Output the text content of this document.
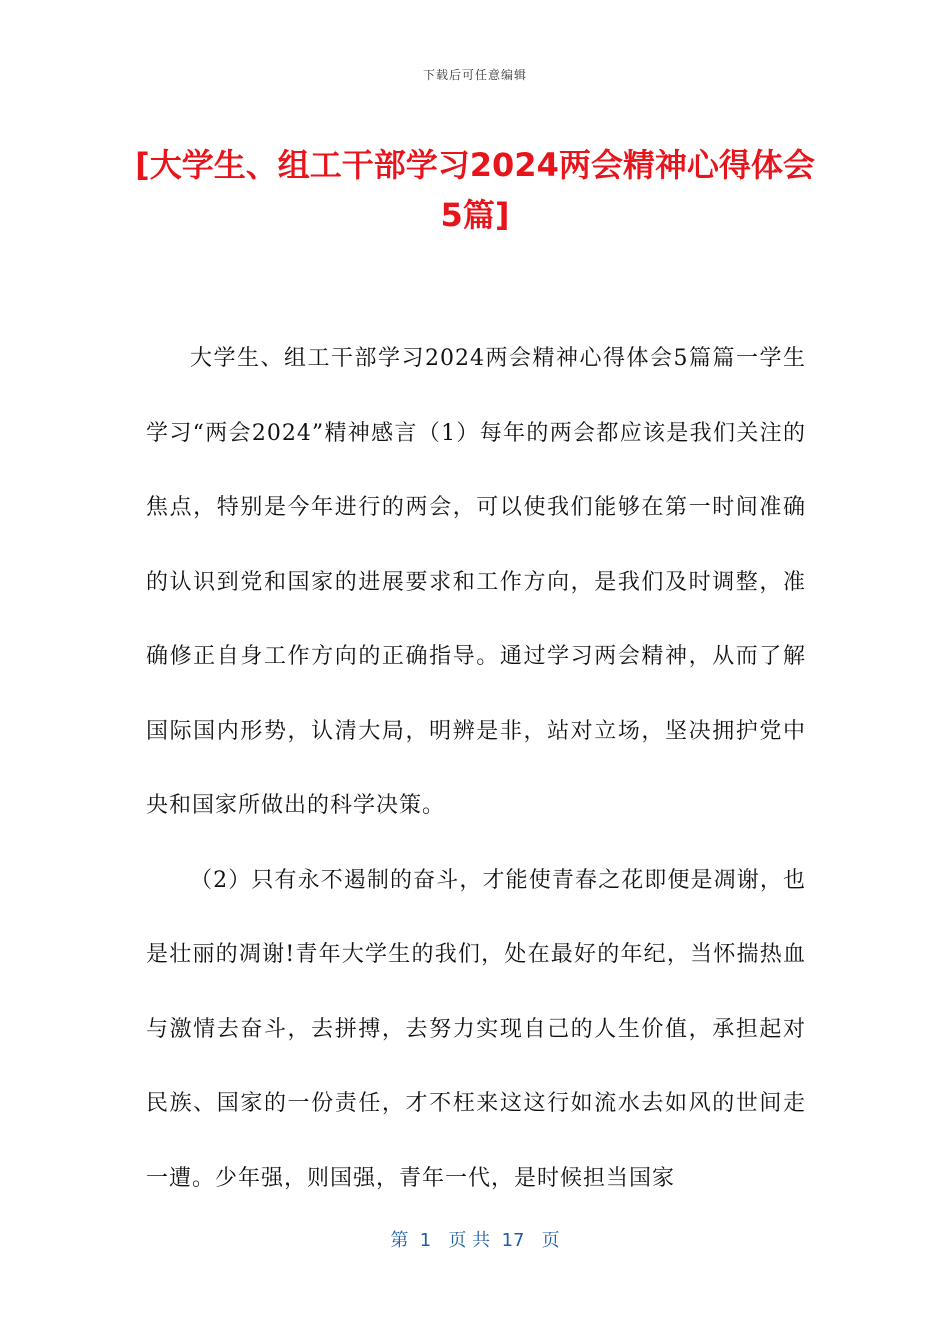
下载后可任意编辑
[大学生、组工干部学习2024两会精神心得体会5篇]

大学生、组工干部学习2024两会精神心得体会5篇篇一学生学习“两会2024”精神感言（1）每年的两会都应该是我们关注的焦点，特别是今年进行的两会，可以使我们能够在第一时间准确的认识到党和国家的进展要求和工作方向，是我们及时调整，准确修正自身工作方向的正确指导。通过学习两会精神，从而了解国际国内形势，认清大局，明辨是非，站对立场，坚决拥护党中央和国家所做出的科学决策。

（2）只有永不遏制的奋斗，才能使青春之花即便是凋谢，也是壮丽的凋谢!青年大学生的我们，处在最好的年纪，当怀揣热血与激情去奋斗，去拼搏，去努力实现自己的人生价值，承担起对民族、国家的一份责任，才不枉来这这行如流水去如风的世间走一遭。少年强，则国强，青年一代，是时候担当国家

第  1   页 共  17   页
